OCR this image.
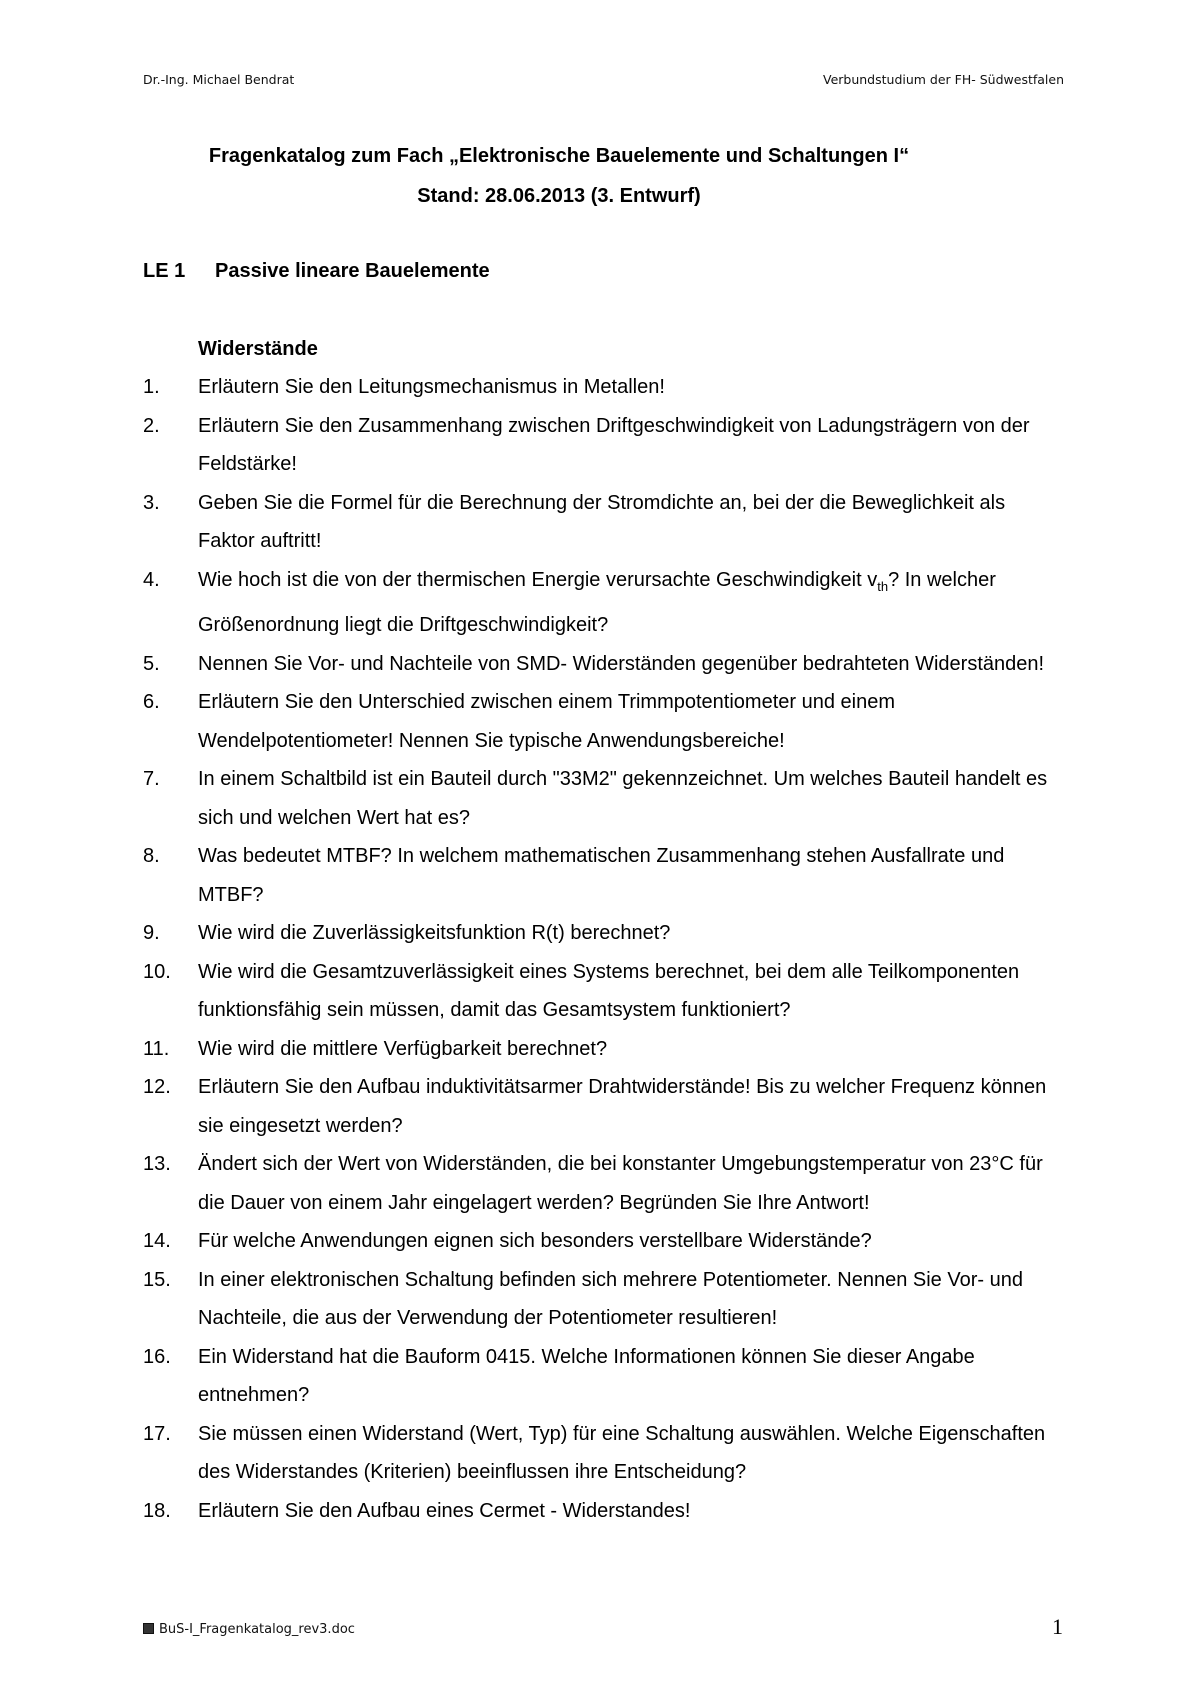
Dr.-Ing. Michael Bendrat	Verbundstudium der FH- Südwestfalen
Fragenkatalog zum Fach „Elektronische Bauelemente und Schaltungen I“
Stand: 28.06.2013 (3. Entwurf)
LE 1 Passive lineare Bauelemente
Widerstände
1. Erläutern Sie den Leitungsmechanismus in Metallen!
2. Erläutern Sie den Zusammenhang zwischen Driftgeschwindigkeit von Ladungsträgern von der Feldstärke!
3. Geben Sie die Formel für die Berechnung der Stromdichte an, bei der die Beweglichkeit als Faktor auftritt!
4. Wie hoch ist die von der thermischen Energie verursachte Geschwindigkeit $v_{th}$? In welcher Größenordnung liegt die Driftgeschwindigkeit?
5. Nennen Sie Vor- und Nachteile von SMD- Widerständen gegenüber bedrahteten Widerständen!
6. Erläutern Sie den Unterschied zwischen einem Trimmpotentiometer und einem Wendelpotentiometer! Nennen Sie typische Anwendungsbereiche!
7. In einem Schaltbild ist ein Bauteil durch "33M2" gekennzeichnet. Um welches Bauteil handelt es sich und welchen Wert hat es?
8. Was bedeutet MTBF? In welchem mathematischen Zusammenhang stehen Ausfallrate und MTBF?
9. Wie wird die Zuverlässigkeitsfunktion R(t) berechnet?
10. Wie wird die Gesamtzuverlässigkeit eines Systems berechnet, bei dem alle Teilkomponenten funktionsfähig sein müssen, damit das Gesamtsystem funktioniert?
11. Wie wird die mittlere Verfügbarkeit berechnet?
12. Erläutern Sie den Aufbau induktivitätsarmer Drahtwiderstände! Bis zu welcher Frequenz können sie eingesetzt werden?
13. Ändert sich der Wert von Widerständen, die bei konstanter Umgebungstemperatur von 23°C für die Dauer von einem Jahr eingelagert werden? Begründen Sie Ihre Antwort!
14. Für welche Anwendungen eignen sich besonders verstellbare Widerstände?
15. In einer elektronischen Schaltung befinden sich mehrere Potentiometer. Nennen Sie Vor- und Nachteile, die aus der Verwendung der Potentiometer resultieren!
16. Ein Widerstand hat die Bauform 0415. Welche Informationen können Sie dieser Angabe entnehmen?
17. Sie müssen einen Widerstand (Wert, Typ) für eine Schaltung auswählen. Welche Eigenschaften des Widerstandes (Kriterien) beeinflussen ihre Entscheidung?
18. Erläutern Sie den Aufbau eines Cermet - Widerstandes!
BuS-I_Fragenkatalog_rev3.doc	1
